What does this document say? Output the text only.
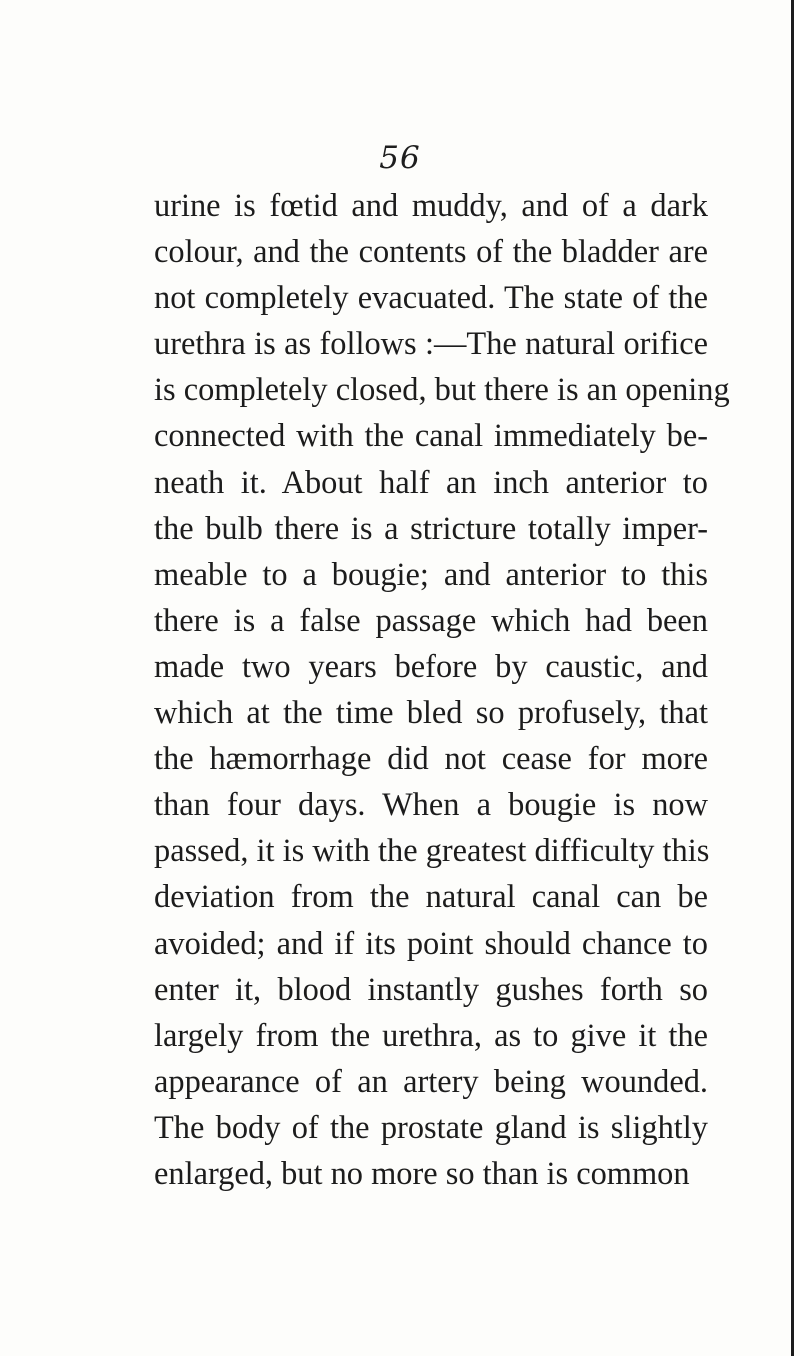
56
urine is fœtid and muddy, and of a dark
colour, and the contents of the bladder are
not completely evacuated. The state of the
urethra is as follows :—The natural orifice
is completely closed, but there is an opening
connected with the canal immediately be-
neath it. About half an inch anterior to
the bulb there is a stricture totally imper-
meable to a bougie; and anterior to this
there is a false passage which had been
made two years before by caustic, and
which at the time bled so profusely, that
the hæmorrhage did not cease for more
than four days. When a bougie is now
passed, it is with the greatest difficulty this
deviation from the natural canal can be
avoided; and if its point should chance to
enter it, blood instantly gushes forth so
largely from the urethra, as to give it the
appearance of an artery being wounded.
The body of the prostate gland is slightly
enlarged, but no more so than is common
